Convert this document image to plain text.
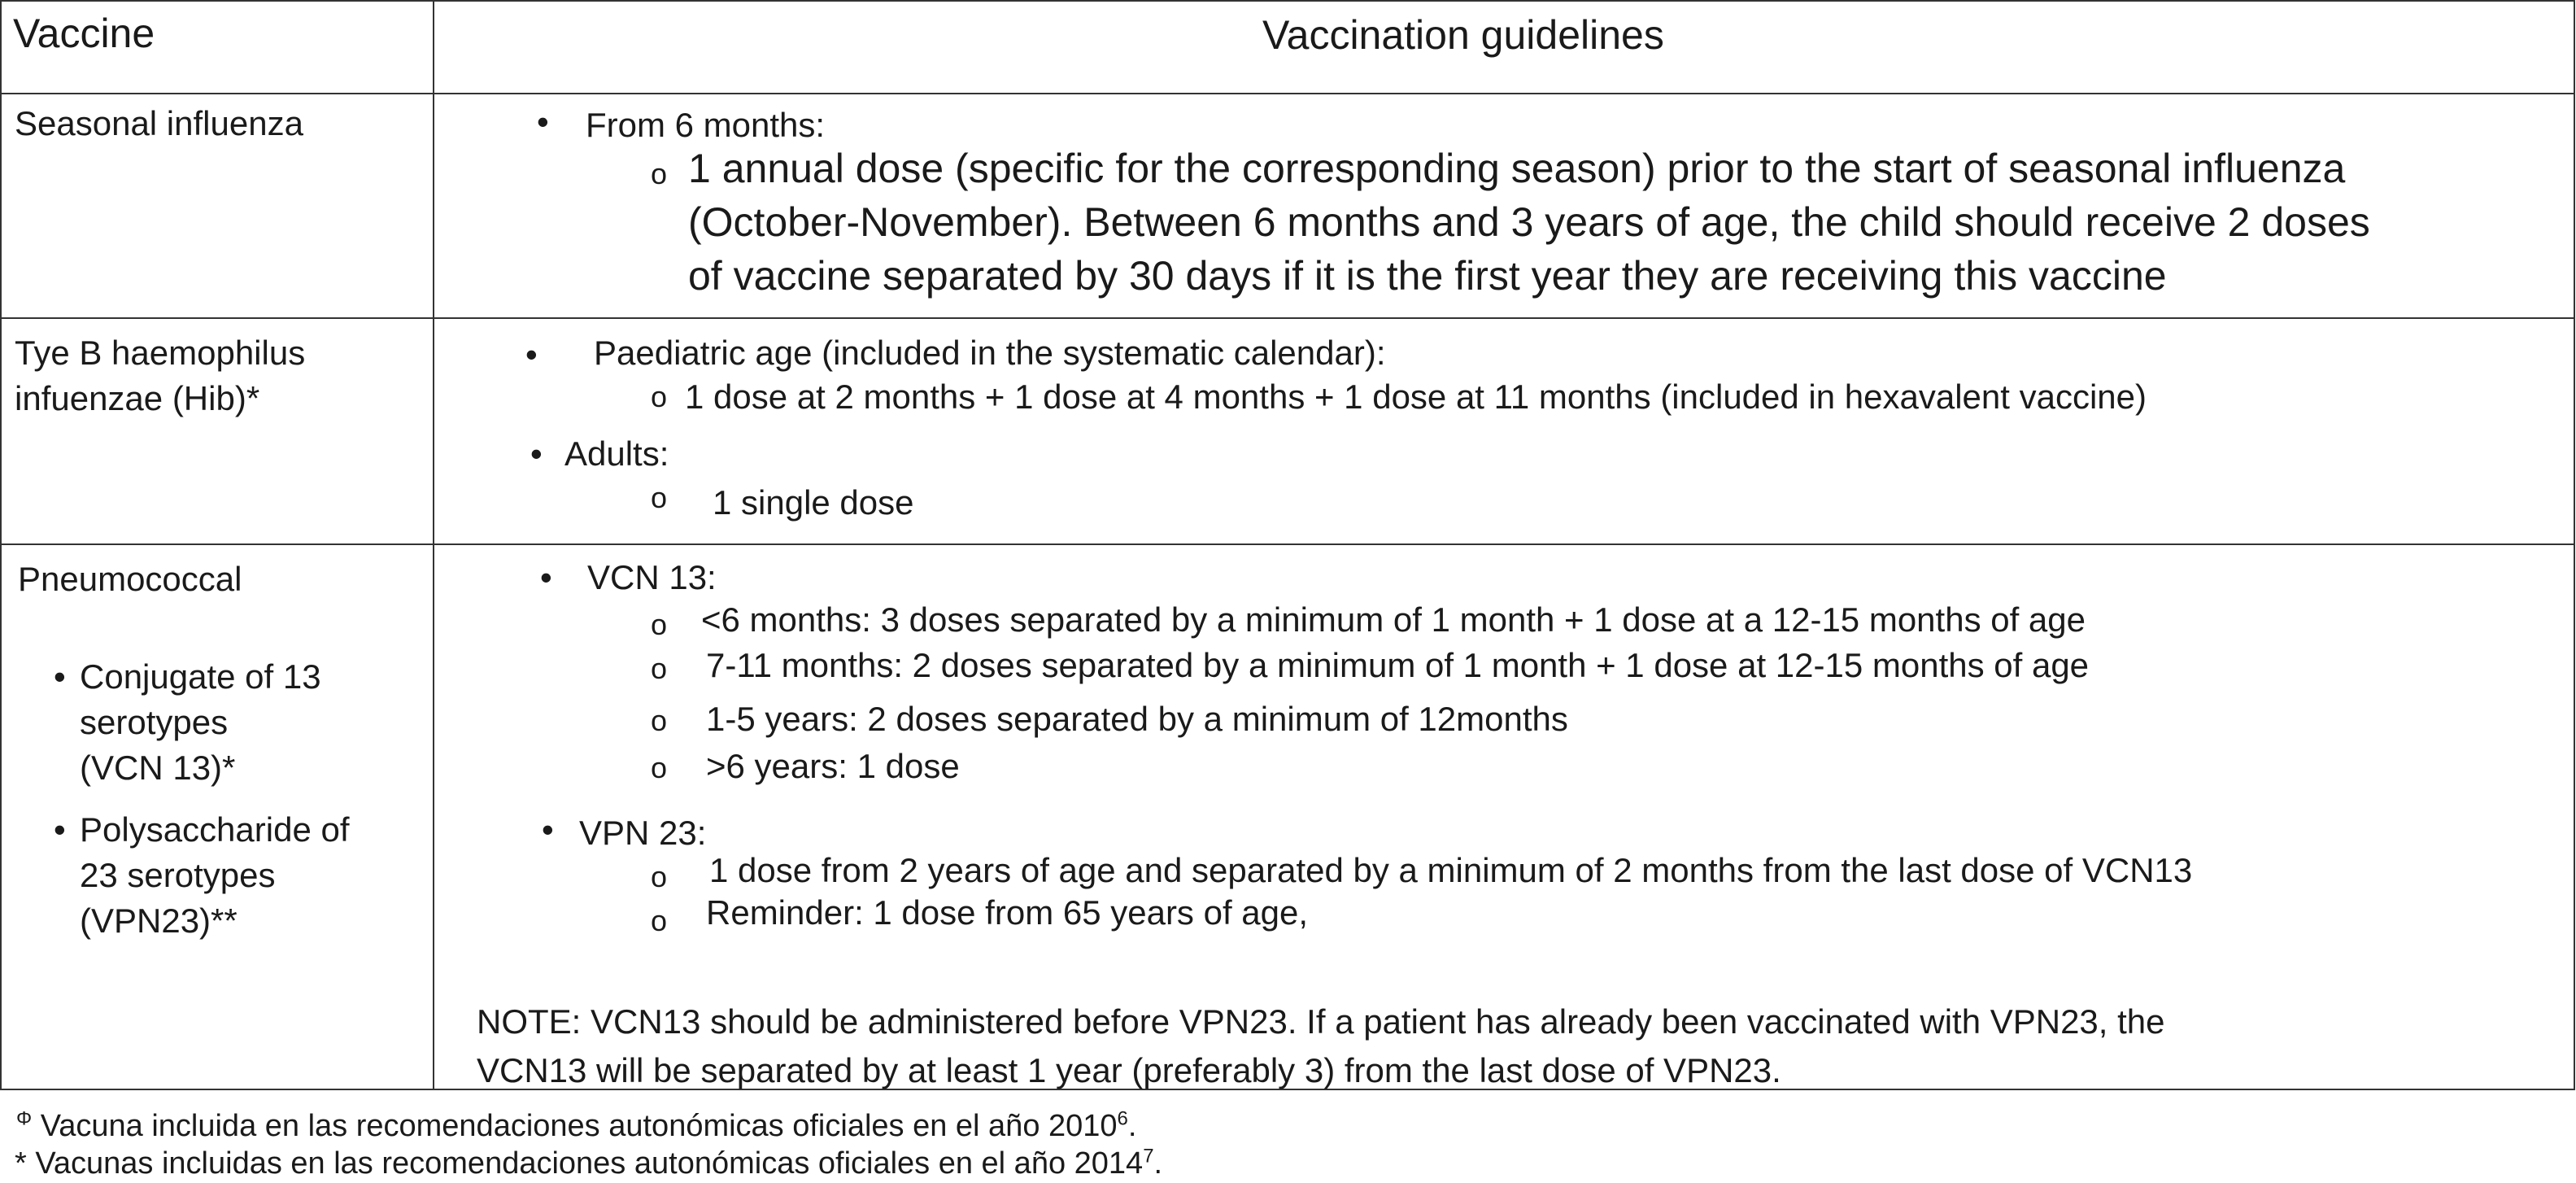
Vaccine	Vaccination guidelines
Seasonal influenza	• From 6 months:
o 1 annual dose (specific for the corresponding season) prior to the start of seasonal influenza
(October-November). Between 6 months and 3 years of age, the child should receive 2 doses
of vaccine separated by 30 days if it is the first year they are receiving this vaccine
Tye B haemophilus
infuenzae (Hib)*
• Paediatric age (included in the systematic calendar):
o 1 dose at 2 months + 1 dose at 4 months + 1 dose at 11 months (included in hexavalent vaccine)
• Adults:
o 1 single dose
Pneumococcal
• Conjugate of 13
serotypes
(VCN 13)*
• Polysaccharide of
23 serotypes
(VPN23)**
• VCN 13:
o <6 months: 3 doses separated by a minimum of 1 month + 1 dose at a 12-15 months of age
o 7-11 months: 2 doses separated by a minimum of 1 month + 1 dose at 12-15 months of age
o 1-5 years: 2 doses separated by a minimum of 12months
o >6 years: 1 dose
• VPN 23:
o 1 dose from 2 years of age and separated by a minimum of 2 months from the last dose of VCN13
o Reminder: 1 dose from 65 years of age,
NOTE: VCN13 should be administered before VPN23. If a patient has already been vaccinated with VPN23, the
VCN13 will be separated by at least 1 year (preferably 3) from the last dose of VPN23.
$^\Phi$ Vacuna incluida en las recomendaciones autonómicas oficiales en el año 2010$^6$.
* Vacunas incluidas en las recomendaciones autonómicas oficiales en el año 2014$^7$.
